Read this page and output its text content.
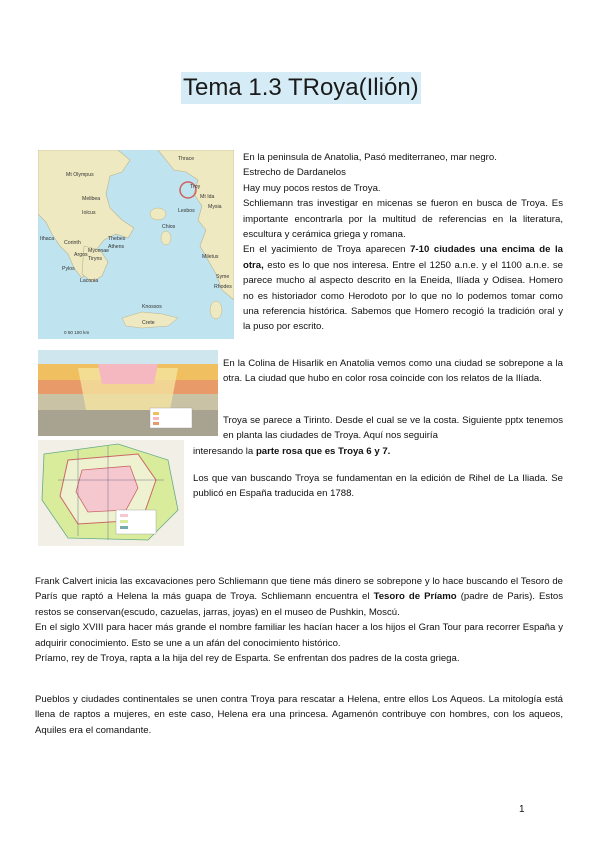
Tema 1.3 TRoya(Ilión)
Thrace
Mt Olympus
Troy
Mt Ida
Lesbos
Mysia
Melibea
Chios
Iolcus
Ithaca
Corinth
Thebes
Athens
Mycenae
Tiryns
Argos
Pylos
Laconia
Miletus
Syme
Rhodes
Knossos
Crete
0 50 100 km
En la peninsula de Anatolia, Pasó mediterraneo, mar negro.
Estrecho de Dardanelos
Hay muy pocos restos de Troya.
Schliemann tras investigar en micenas se fueron en busca de Troya. Es importante encontrarla por la multitud de referencias en la literatura, escultura y cerámica griega y romana.
En el yacimiento de Troya aparecen 7-10 ciudades una encima de la otra, esto es lo que nos interesa. Entre el 1250 a.n.e. y el 1100 a.n.e. se parece mucho al aspecto descrito en la Eneida, Ilíada y Odisea. Homero no es historiador como Herodoto por lo que no lo podemos tomar como una referencia histórica. Sabemos que Homero recogió la tradición oral y la puso por escrito.
En la Colina de Hisarlik en Anatolia vemos como una ciudad se sobrepone a la otra. La ciudad que hubo en color rosa coincide con los relatos de la Ilíada.
Troya se parece a Tirinto. Desde el cual se ve la costa. Siguiente pptx tenemos en planta las ciudades de Troya. Aquí nos seguiría
interesando la parte rosa que es Troya 6 y 7.
Los que van buscando Troya se fundamentan en la edición de Rihel de La Iliada. Se publicó en España traducida en 1788.
Frank Calvert inicia las excavaciones pero Schliemann que tiene más dinero se sobrepone y lo hace buscando el Tesoro de París que raptó a Helena la más guapa de Troya. Schliemann encuentra el Tesoro de Príamo (padre de Paris). Estos restos se conservan(escudo, cazuelas, jarras, joyas) en el museo de Pushkin, Moscú.
En el siglo XVIII para hacer más grande el nombre familiar les hacían hacer a los hijos el Gran Tour para recorrer España y adquirir conocimiento. Esto se une a un afán del conocimiento histórico.
Príamo, rey de Troya, rapta a la hija del rey de Esparta. Se enfrentan dos padres de la costa griega.
Pueblos y ciudades continentales se unen contra Troya para rescatar a Helena, entre ellos Los Aqueos. La mitología está llena de raptos a mujeres, en este caso, Helena era una princesa. Agamenón contribuye con hombres, con los aqueos, Aquiles era el comandante.
1
